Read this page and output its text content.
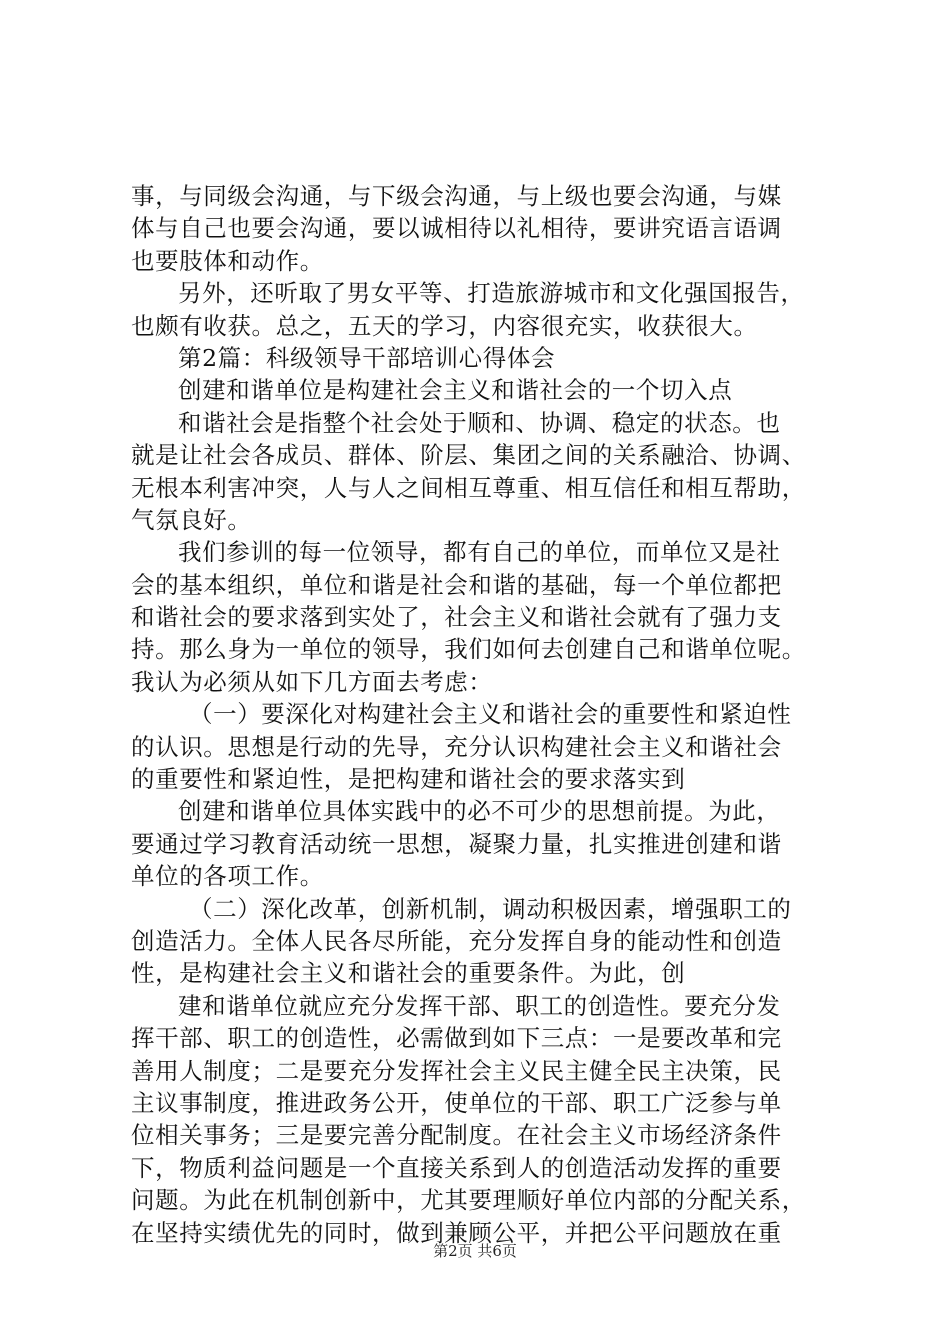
事，与同级会沟通，与下级会沟通，与上级也要会沟通，与媒
体与自己也要会沟通，要以诚相待以礼相待，要讲究语言语调
也要肢体和动作。
另外，还听取了男女平等、打造旅游城市和文化强国报告，
也颇有收获。总之，五天的学习，内容很充实，收获很大。
第2篇：科级领导干部培训心得体会
创建和谐单位是构建社会主义和谐社会的一个切入点
和谐社会是指整个社会处于顺和、协调、稳定的状态。也
就是让社会各成员、群体、阶层、集团之间的关系融洽、协调、
无根本利害冲突，人与人之间相互尊重、相互信任和相互帮助，
气氛良好。
我们参训的每一位领导，都有自己的单位，而单位又是社
会的基本组织，单位和谐是社会和谐的基础，每一个单位都把
和谐社会的要求落到实处了，社会主义和谐社会就有了强力支
持。那么身为一单位的领导，我们如何去创建自己和谐单位呢。
我认为必须从如下几方面去考虑：
（一）要深化对构建社会主义和谐社会的重要性和紧迫性
的认识。思想是行动的先导，充分认识构建社会主义和谐社会
的重要性和紧迫性，是把构建和谐社会的要求落实到
创建和谐单位具体实践中的必不可少的思想前提。为此，
要通过学习教育活动统一思想，凝聚力量，扎实推进创建和谐
单位的各项工作。
（二）深化改革，创新机制，调动积极因素，增强职工的
创造活力。全体人民各尽所能，充分发挥自身的能动性和创造
性，是构建社会主义和谐社会的重要条件。为此，创
建和谐单位就应充分发挥干部、职工的创造性。要充分发
挥干部、职工的创造性，必需做到如下三点：一是要改革和完
善用人制度；二是要充分发挥社会主义民主健全民主决策，民
主议事制度，推进政务公开，使单位的干部、职工广泛参与单
位相关事务；三是要完善分配制度。在社会主义市场经济条件
下，物质利益问题是一个直接关系到人的创造活动发挥的重要
问题。为此在机制创新中，尤其要理顺好单位内部的分配关系，
在坚持实绩优先的同时，做到兼顾公平，并把公平问题放在重
第2页 共6页
